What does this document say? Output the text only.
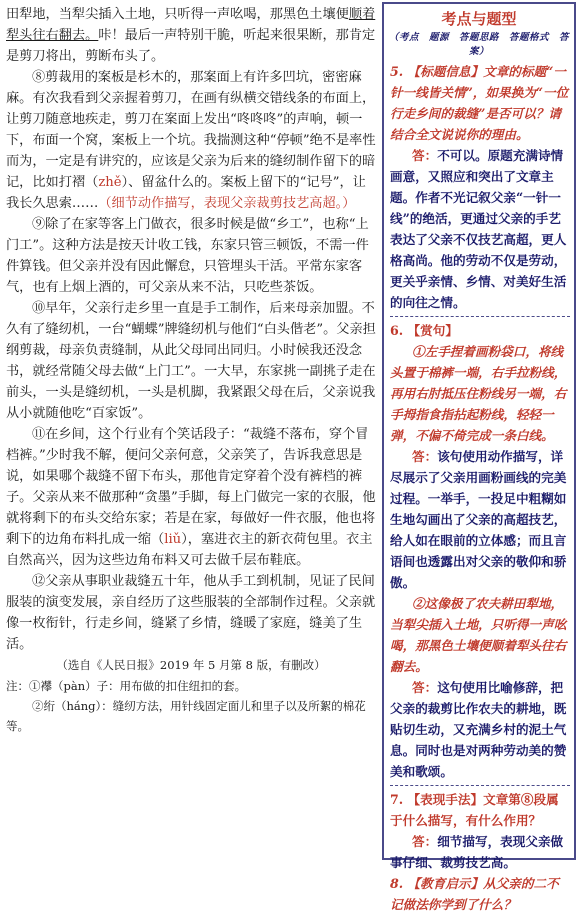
田犁地，当犁尖插入土地，只听得一声吆喝，那黑色土壤便顺着犁头往右翻去。咔！最后一声特别干脆，听起来很果断，那肯定是剪刀将出，剪断布头了。

⑧剪裁用的案板是杉木的，那案面上有许多凹坑，密密麻麻。有次我看到父亲握着剪刀，在画有纵横交错线条的布面上，让剪刀随意地疾走，剪刀在案面上发出“咚咚咚”的声响，顿一下，布面一个窝，案板上一个坑。我揣测这种“停顿”绝不是率性而为，一定是有讲究的，应该是父亲为后来的缝纫制作留下的暗记，比如打褶（zhě）、留盆什么的。案板上留下的“记号”，让我长久思索……（细节动作描写，表现父亲裁剪技艺高超。）

⑨除了在家等客上门做衣，很多时候是做“乡工”，也称“上门工”。这种方法是按天计收工钱，东家只管三顿饭，不需一件件算钱。但父亲并没有因此懈怠，只管埋头干活。平常东家客气，也有上烟上酒的，可父亲从来不沾，只吃些茶饭。

⑩早年，父亲行走乡里一直是手工制作，后来母亲加盟。不久有了缝纫机，一台“蝴蝶”牌缝纫机与他们“白头偕老”。父亲担纲剪裁，母亲负责缝制，从此父母同出同归。小时候我还没念书，就经常随父母去做“上门工”。一大早，东家挑一副挑子走在前头，一头是缝纫机，一头是机脚，我紧跟父母在后，父亲说我从小就随他吃“百家饭”。

⑪在乡间，这个行业有个笑话段子：“裁缝不落布，穿个冒档裤。”少时我不解，便问父亲何意，父亲笑了，告诉我意思是说，如果哪个裁缝不留下布头，那他肯定穿着个没有裤档的裤子。父亲从来不做那种“贪墨”手脚，每上门做完一家的衣服，他就将剩下的布头交给东家；若是在家，每做好一件衣服，他也将剩下的边角布料扎成一缩（liǔ），塞进衣主的新衣荷包里。衣主自然高兴，因为这些边角布料又可去做千层布鞋底。

⑫父亲从事职业裁缝五十年，他从手工到机制，见证了民间服装的演变发展，亲自经历了这些服装的全部制作过程。父亲就像一枚衔针，行走乡间，缝紧了乡情，缝暖了家庭，缝美了生活。

（选自《人民日报》2019 年 5 月第 8 版，有删改）

注：①襻（pàn）子：用布做的扣住纽扣的套。

②绗（háng）：缝纫方法，用针线固定面儿和里子以及所絮的棉花等。

考点与题型
（考点　题源　答题思路　答题格式　答案）

5. 【标题信息】文章的标题“一针一线皆关情”，如果换为“一位行走乡间的裁缝”是否可以？请结合全文说说你的理由。

答：不可以。原题充满诗情画意，又照应和突出了文章主题。作者不光记叙父亲“一针一线”的绝活，更通过父亲的手艺表达了父亲不仅技艺高超，更人格高尚。他的劳动不仅是劳动，更关乎亲情、乡情、对美好生活的向往之情。

6. 【赏句】

①左手捏着画粉袋口，将线头置于棉裤一端，右手拉粉线，再用右肘抵压住粉线另一端，右手拇指食指拈起粉线，轻轻一弹，不偏不倚完成一条白线。

答：该句使用动作描写，详尽展示了父亲用画粉画线的完美过程。一举手，一投足中粗糊如生地勾画出了父亲的高超技艺，给人如在眼前的立体感；而且言语间也透露出对父亲的敬仰和骄傲。

②这像极了农夫耕田犁地，当犁尖插入土地，只听得一声吆喝，那黑色土壤便顺着犁头往右翻去。

答：这句使用比喻修辞，把父亲的裁剪比作农夫的耕地，既贴切生动，又充满乡村的泥土气息。同时也是对两种劳动美的赞美和歌颂。

7. 【表现手法】文章第⑧段属于什么描写，有什么作用？

答：细节描写，表现父亲做事仔细、裁剪技艺高。

8. 【教育启示】从父亲的二不记做法你学到了什么？
